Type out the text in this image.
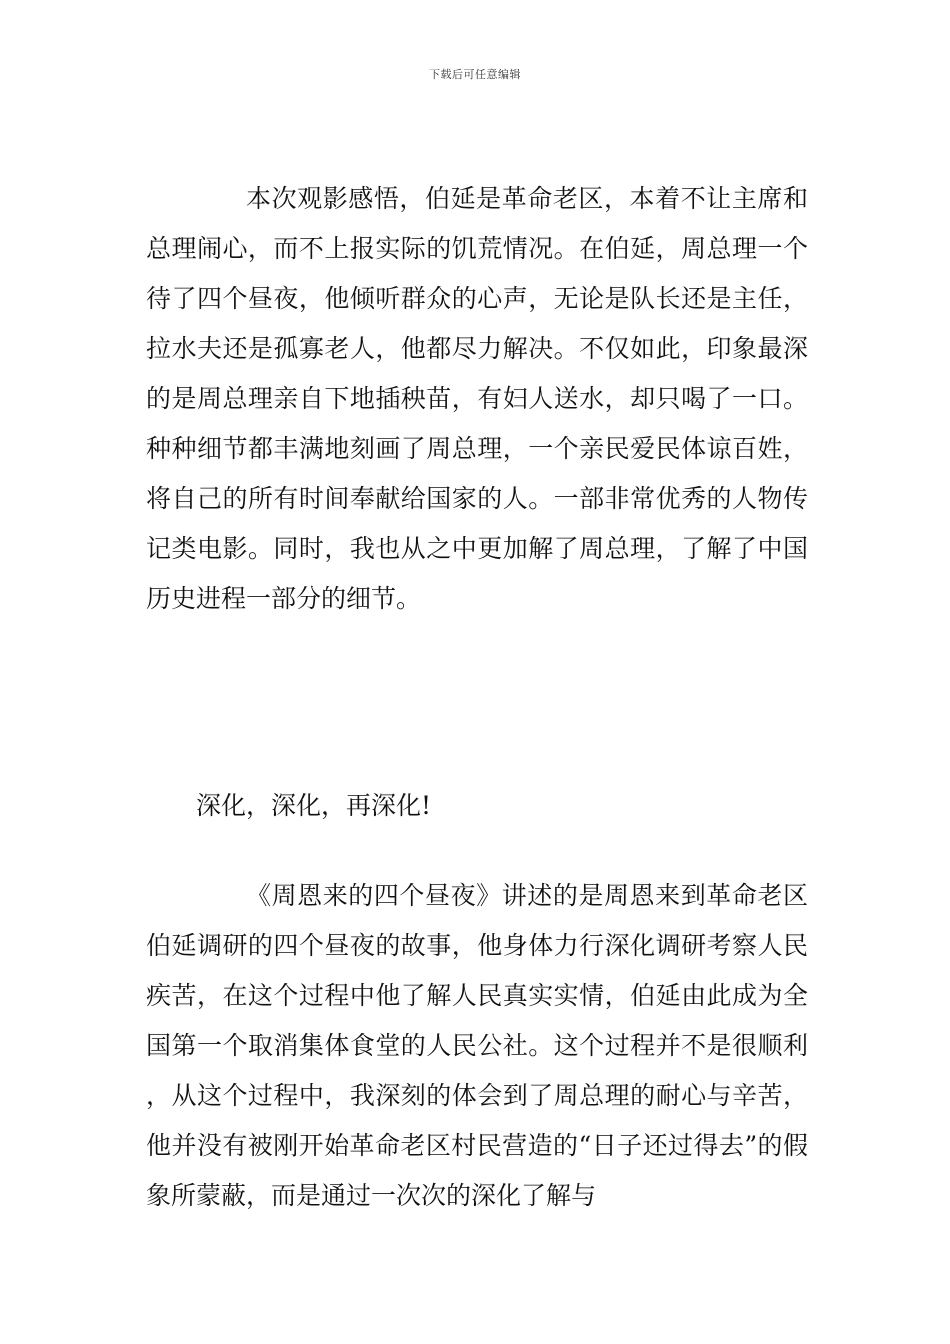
下载后可任意编辑

本次观影感悟，伯延是革命老区，本着不让主席和总理闹心，而不上报实际的饥荒情况。在伯延，周总理一个待了四个昼夜，他倾听群众的心声，无论是队长还是主任，拉水夫还是孤寡老人，他都尽力解决。不仅如此，印象最深的是周总理亲自下地插秧苗，有妇人送水，却只喝了一口。种种细节都丰满地刻画了周总理，一个亲民爱民体谅百姓，将自己的所有时间奉献给国家的人。一部非常优秀的人物传记类电影。同时，我也从之中更加解了周总理，了解了中国历史进程一部分的细节。

深化，深化，再深化!

《周恩来的四个昼夜》讲述的是周恩来到革命老区伯延调研的四个昼夜的故事，他身体力行深化调研考察人民疾苦，在这个过程中他了解人民真实实情，伯延由此成为全国第一个取消集体食堂的人民公社。这个过程并不是很顺利，从这个过程中，我深刻的体会到了周总理的耐心与辛苦，他并没有被刚开始革命老区村民营造的“日子还过得去”的假象所蒙蔽，而是通过一次次的深化了解与
